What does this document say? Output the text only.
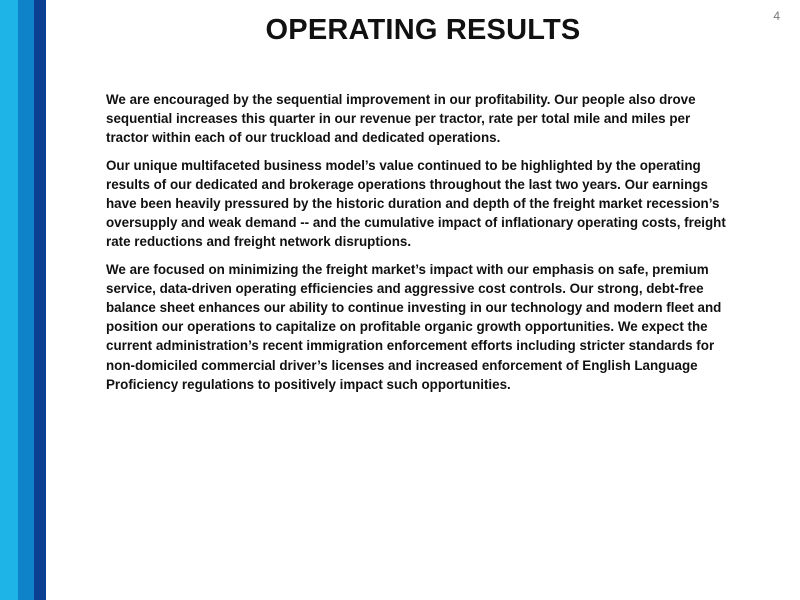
OPERATING RESULTS	4

We are encouraged by the sequential improvement in our profitability. Our people also drove sequential increases this quarter in our revenue per tractor, rate per total mile and miles per tractor within each of our truckload and dedicated operations.

Our unique multifaceted business model’s value continued to be highlighted by the operating results of our dedicated and brokerage operations throughout the last two years. Our earnings have been heavily pressured by the historic duration and depth of the freight market recession’s oversupply and weak demand -- and the cumulative impact of inflationary operating costs, freight rate reductions and freight network disruptions.

We are focused on minimizing the freight market’s impact with our emphasis on safe, premium service, data-driven operating efficiencies and aggressive cost controls. Our strong, debt-free balance sheet enhances our ability to continue investing in our technology and modern fleet and position our operations to capitalize on profitable organic growth opportunities. We expect the current administration’s recent immigration enforcement efforts including stricter standards for non-domiciled commercial driver’s licenses and increased enforcement of English Language Proficiency regulations to positively impact such opportunities.
